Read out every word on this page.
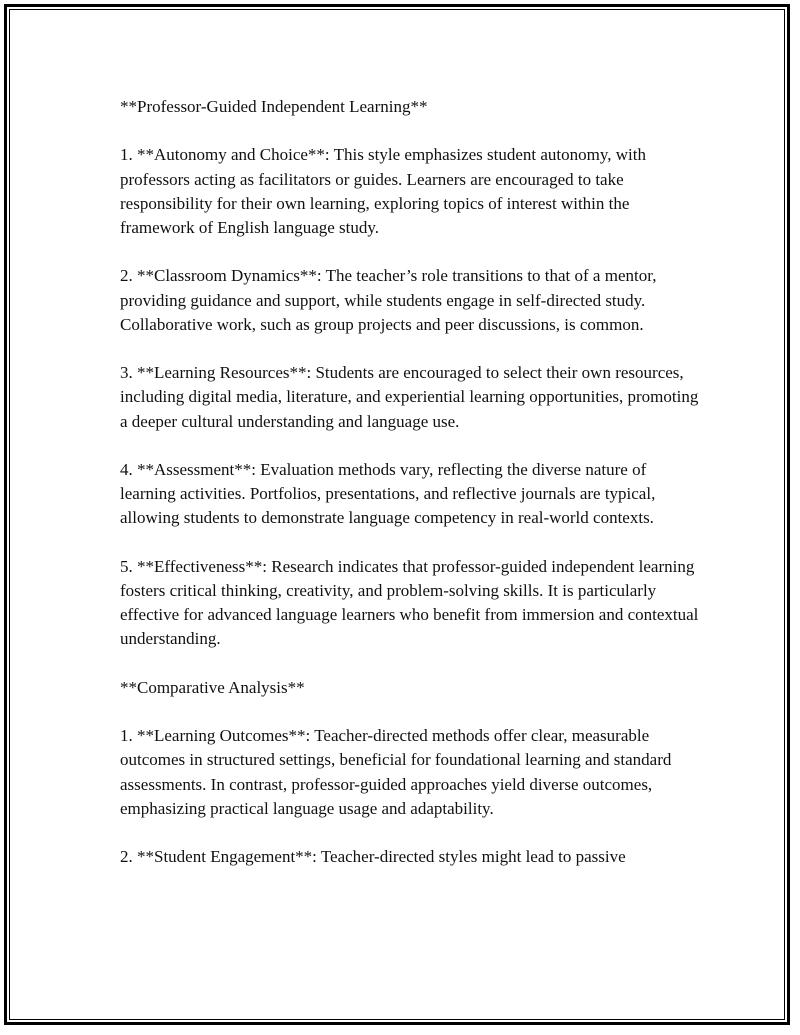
**Professor-Guided Independent Learning**

1. **Autonomy and Choice**: This style emphasizes student autonomy, with professors acting as facilitators or guides. Learners are encouraged to take responsibility for their own learning, exploring topics of interest within the framework of English language study.

2. **Classroom Dynamics**: The teacher’s role transitions to that of a mentor, providing guidance and support, while students engage in self-directed study. Collaborative work, such as group projects and peer discussions, is common.

3. **Learning Resources**: Students are encouraged to select their own resources, including digital media, literature, and experiential learning opportunities, promoting a deeper cultural understanding and language use.

4. **Assessment**: Evaluation methods vary, reflecting the diverse nature of learning activities. Portfolios, presentations, and reflective journals are typical, allowing students to demonstrate language competency in real-world contexts.

5. **Effectiveness**: Research indicates that professor-guided independent learning fosters critical thinking, creativity, and problem-solving skills. It is particularly effective for advanced language learners who benefit from immersion and contextual understanding.

**Comparative Analysis**

1. **Learning Outcomes**: Teacher-directed methods offer clear, measurable outcomes in structured settings, beneficial for foundational learning and standard assessments. In contrast, professor-guided approaches yield diverse outcomes, emphasizing practical language usage and adaptability.

2. **Student Engagement**: Teacher-directed styles might lead to passive
